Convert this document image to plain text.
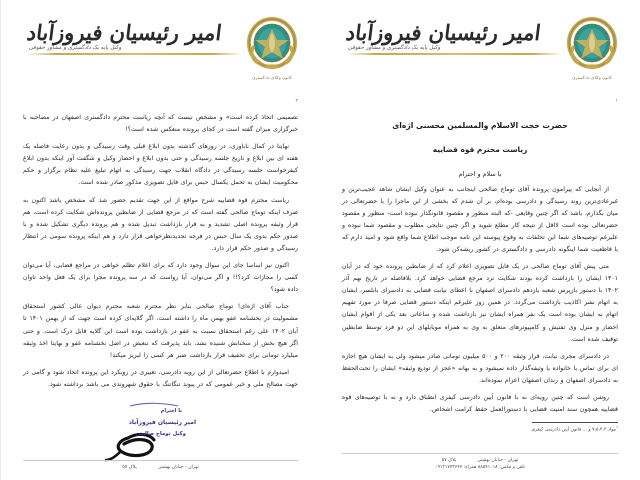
کانون وکلای دادگستری
امیر رئیسیان فیروزآباد
وکیل پایه یک دادگستری و مشاور حقوقی
٢

تصمیمی اتخاذ کرده است» و مشخص نیست که آنچه ریاست محترم دادگستری اصفهان در مصاحبه با خبرگزاری میزان گفته است در کجای پرونده منعکس شده است؟!

نهایتا در کمال ناباوری، در روزهای گذشته بدون ابلاغ قبلی وقت رسیدگی و بدون رعایت فاصله یک هفته ای بین ابلاغ و تاریخ جلسه رسیدگی و حتی بدون ابلاغ و احضار وکیل و شگفت آور اینکه بدون ابلاغ کیفرخواست جلسه رسیدگی در دادگاه انقلاب جهت رسیدگی به اتهام تبلیغ علیه نظام برگزار و حکم محکومیت ایشان به تحمل یکسال حبس برای فایل تصویری مذکور صادر شده است.

ریاست محترم قوه قضاییه شرح مواقع از این جهت تقدیم حضور شد که مشخص باشد اکنون به صرف اینکه توماج صالحی گفته است که در مرجع قضایی از ضابطین پرونده‌اش شکایت کرده است، هم قرار وثیقه پرونده اصلی تشدید و به قرار بازداشت تبدیل شده و هم پرونده دیگری تشکیل شده و با صدور حکم بدوی یک سال حبس در فرجه تجدیدنظرخواهی قرار دارد و هم اینکه پرونده سومی در انتظار رسیدگی و صدور حکم قرار دارد.

اکنون نیز اساسا جای این سوال وجود دارد که برای اعلام تظلم خواهی در مراجع قضایی، آیا می‌توان کسی را مجازات کرد؟!! و اگر می‌توان، آیا رواست که در سه پرونده مجزا برای یک فعل واحد تاوان داده شود؟

جناب آقای اژه‌ای! توماج صالحی بنابر نظر محترم شعبه محترم دیوان عالی کشور استحقاق مشمولیت در بخشنامه عفو بهمن ماه را داشته است، اگر گلایه‌ای کرده است جهت که از بهمن ۱۴۰۱ تا آبان ۱۴۰۲ علی رغم استحقاق نسبت به عفو در بازداشت بوده است این گلایه قابل درک است. و حتی اگر هیچ بخش از سخنانش شنیده نشد، باید پذیرفت که تبعیض در اصل بخشنامه عفو و نهایتا اخذ وثیقه میلیارد تومانی برای تخفیف قرار بازداشت صبر هر کسی را لبریز میکند!

امیدوارم با اطلاع حضرتعالی از این رویه دادرسی، تغییری در رویکرد این پرونده اتخاذ شود و گامی در جهت مصالح ملی و خیر عمومی که در پیوند تنگاتنگ با حقوق شهروندی می باشد برداشته شود.

با احترام
امیر رئیسیان فیروزآباد
وکیل توماج صالحی
تهران - خیابان بهشتی  پلاک ۵۷
کانون وکلای دادگستری
امیر رئیسیان فیروزآباد
وکیل پایه یک دادگستری و مشاور حقوقی
١
حضرت حجت الاسلام والمسلمین محسنی اژه‌ای
ریاست محترم قوه قضاییه
با سلام و احترام

از آنجایی که پیرامون پرونده آقای توماج صالحی اینجانب به عنوان وکیل ایشان شاهد عجیب‌ترین و غیرعادی‌ترین روند رسیدگی و دادرسی بوده‌ام، بر آن شدم که بخشی از این ماجرا را با حضرتعالی در میان بگذارم، باشد که اگر چنین وقایعی -که البته منظور و مقصود قانونگذار نبوده است- منظور و مقصود حضرتعالی بوده است لااقل از نتیجه کار مطلع شوید و اگر چنین نتایجی مطلوب و مقصود شما نبوده و علیرغم توصیه‌های شما این تخلفات به وقوع پیوسته این نامه موجب اطلاع شما واقع شود و امید دارم که با قاطعیت شما اینگونه دادرسی و دادگستری در کشور ریشه‌کن شود.

متی پیش آقای توماج صالحی در یک فایل تصویری اعلام کرد که از ضابطین پرونده خود که در آبان ۱۴۰۱ ایشان را بازداشت کرده بودند شکایت نزد مرجع قضایی خواهد کرد. بلافاصله در تاریخ نهم آذر ۱۴۰۲ با دستور بازپرس شعبه یازدهم دادسرای اصفهان با اعطای نیابت قضایی به دادسرای بابلسر، ایشان به اتهام نشر اکاذیب بازداشت می‌گردد. در همین روز علیرغم اینکه دستور قضایی صرفا در مورد تفهیم اتهام به ایشان بوده است یک نفر همراه ایشان نیز بازداشت شده و ساعاتی بعد یکی از اقوام ایشان احضار و منزل وی تفتیش و کامپیوترهای متعلق به وی به همراه موبایلهای این دو فرد توسط ضابطین توقیف شده است.

در دادسرای مجری نیابت، قرار وثیقه ۲۰۰ و ۵۰۰ میلیون تومانی صادر میشود ولی به ایشان هیچ اجازه ای برای تماس با خانواده یا وثیقه‌گذار داده نمیشود و به بهانه «عجز از تودیع وثیقه» ایشان را تحت‌الحفظ به دادسرای اصفهان و زندان اصفهان اعزام نموده‌اند.

روشن است که چنین رویه‌ای نه با قانون آیین دادرسی کیفری انطباق دارد و نه با توصیه‌های قوه قضاییه همچون سند امنیت قضایی با دستورالعمل حفظ کرامت اشخاص.

$^۱$مواد ۷،۵،۴،۲ و ... قانون آیین دادرسی کیفری
تهران - خیابان بهشتی  پلاک ۵۷
تلفن و فکس: ۸۸۵۴۱۰۱۸ همراه: ۰۹۱۲۱۷۷۳۶۴۷
